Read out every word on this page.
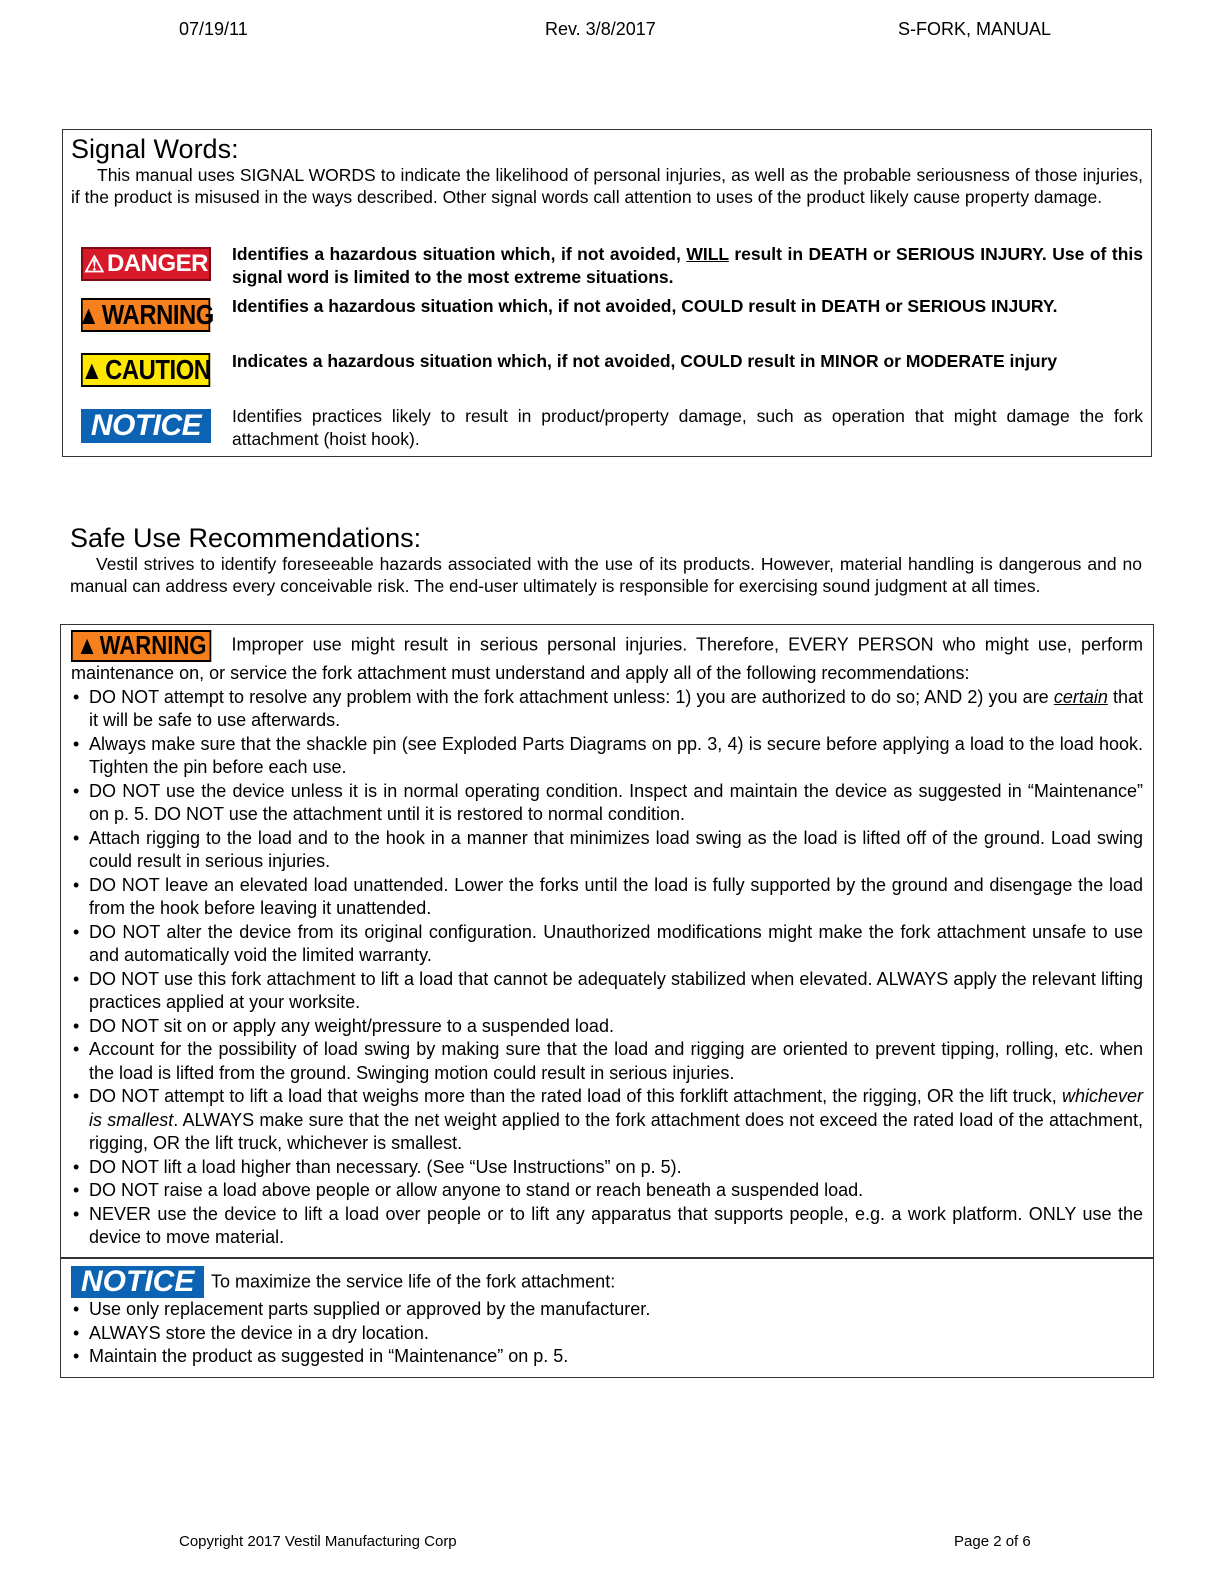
07/19/11	Rev. 3/8/2017	S-FORK, MANUAL
Signal Words:

This manual uses SIGNAL WORDS to indicate the likelihood of personal injuries, as well as the probable seriousness of those injuries, if the product is misused in the ways described. Other signal words call attention to uses of the product likely cause property damage.

⚠ DANGER Identifies a hazardous situation which, if not avoided, WILL result in DEATH or SERIOUS INJURY. Use of this signal word is limited to the most extreme situations.
▲ WARNING Identifies a hazardous situation which, if not avoided, COULD result in DEATH or SERIOUS INJURY.
▲ CAUTION Indicates a hazardous situation which, if not avoided, COULD result in MINOR or MODERATE injury
NOTICE	Identifies practices likely to result in product/property damage, such as operation that might damage the fork attachment (hoist hook).
Safe Use Recommendations:

Vestil strives to identify foreseeable hazards associated with the use of its products. However, material handling is dangerous and no manual can address every conceivable risk. The end-user ultimately is responsible for exercising sound judgment at all times.

▲ WARNING Improper use might result in serious personal injuries. Therefore, EVERY PERSON who might use, perform maintenance on, or service the fork attachment must understand and apply all of the following recommendations:
• DO NOT attempt to resolve any problem with the fork attachment unless: 1) you are authorized to do so; AND 2) you are certain that it will be safe to use afterwards.
• Always make sure that the shackle pin (see Exploded Parts Diagrams on pp. 3, 4) is secure before applying a load to the load hook. Tighten the pin before each use.
• DO NOT use the device unless it is in normal operating condition. Inspect and maintain the device as suggested in “Maintenance” on p. 5. DO NOT use the attachment until it is restored to normal condition.
• Attach rigging to the load and to the hook in a manner that minimizes load swing as the load is lifted off of the ground. Load swing could result in serious injuries.
• DO NOT leave an elevated load unattended. Lower the forks until the load is fully supported by the ground and disengage the load from the hook before leaving it unattended.
• DO NOT alter the device from its original configuration. Unauthorized modifications might make the fork attachment unsafe to use and automatically void the limited warranty.
• DO NOT use this fork attachment to lift a load that cannot be adequately stabilized when elevated. ALWAYS apply the relevant lifting practices applied at your worksite.
• DO NOT sit on or apply any weight/pressure to a suspended load.
• Account for the possibility of load swing by making sure that the load and rigging are oriented to prevent tipping, rolling, etc. when the load is lifted from the ground. Swinging motion could result in serious injuries.
• DO NOT attempt to lift a load that weighs more than the rated load of this forklift attachment, the rigging, OR the lift truck, whichever is smallest. ALWAYS make sure that the net weight applied to the fork attachment does not exceed the rated load of the attachment, rigging, OR the lift truck, whichever is smallest.
• DO NOT lift a load higher than necessary. (See “Use Instructions” on p. 5).
• DO NOT raise a load above people or allow anyone to stand or reach beneath a suspended load.
• NEVER use the device to lift a load over people or to lift any apparatus that supports people, e.g. a work platform. ONLY use the device to move material.
NOTICE To maximize the service life of the fork attachment:
• Use only replacement parts supplied or approved by the manufacturer.
• ALWAYS store the device in a dry location.
• Maintain the product as suggested in “Maintenance” on p. 5.
Copyright 2017 Vestil Manufacturing Corp	Page 2 of 6
